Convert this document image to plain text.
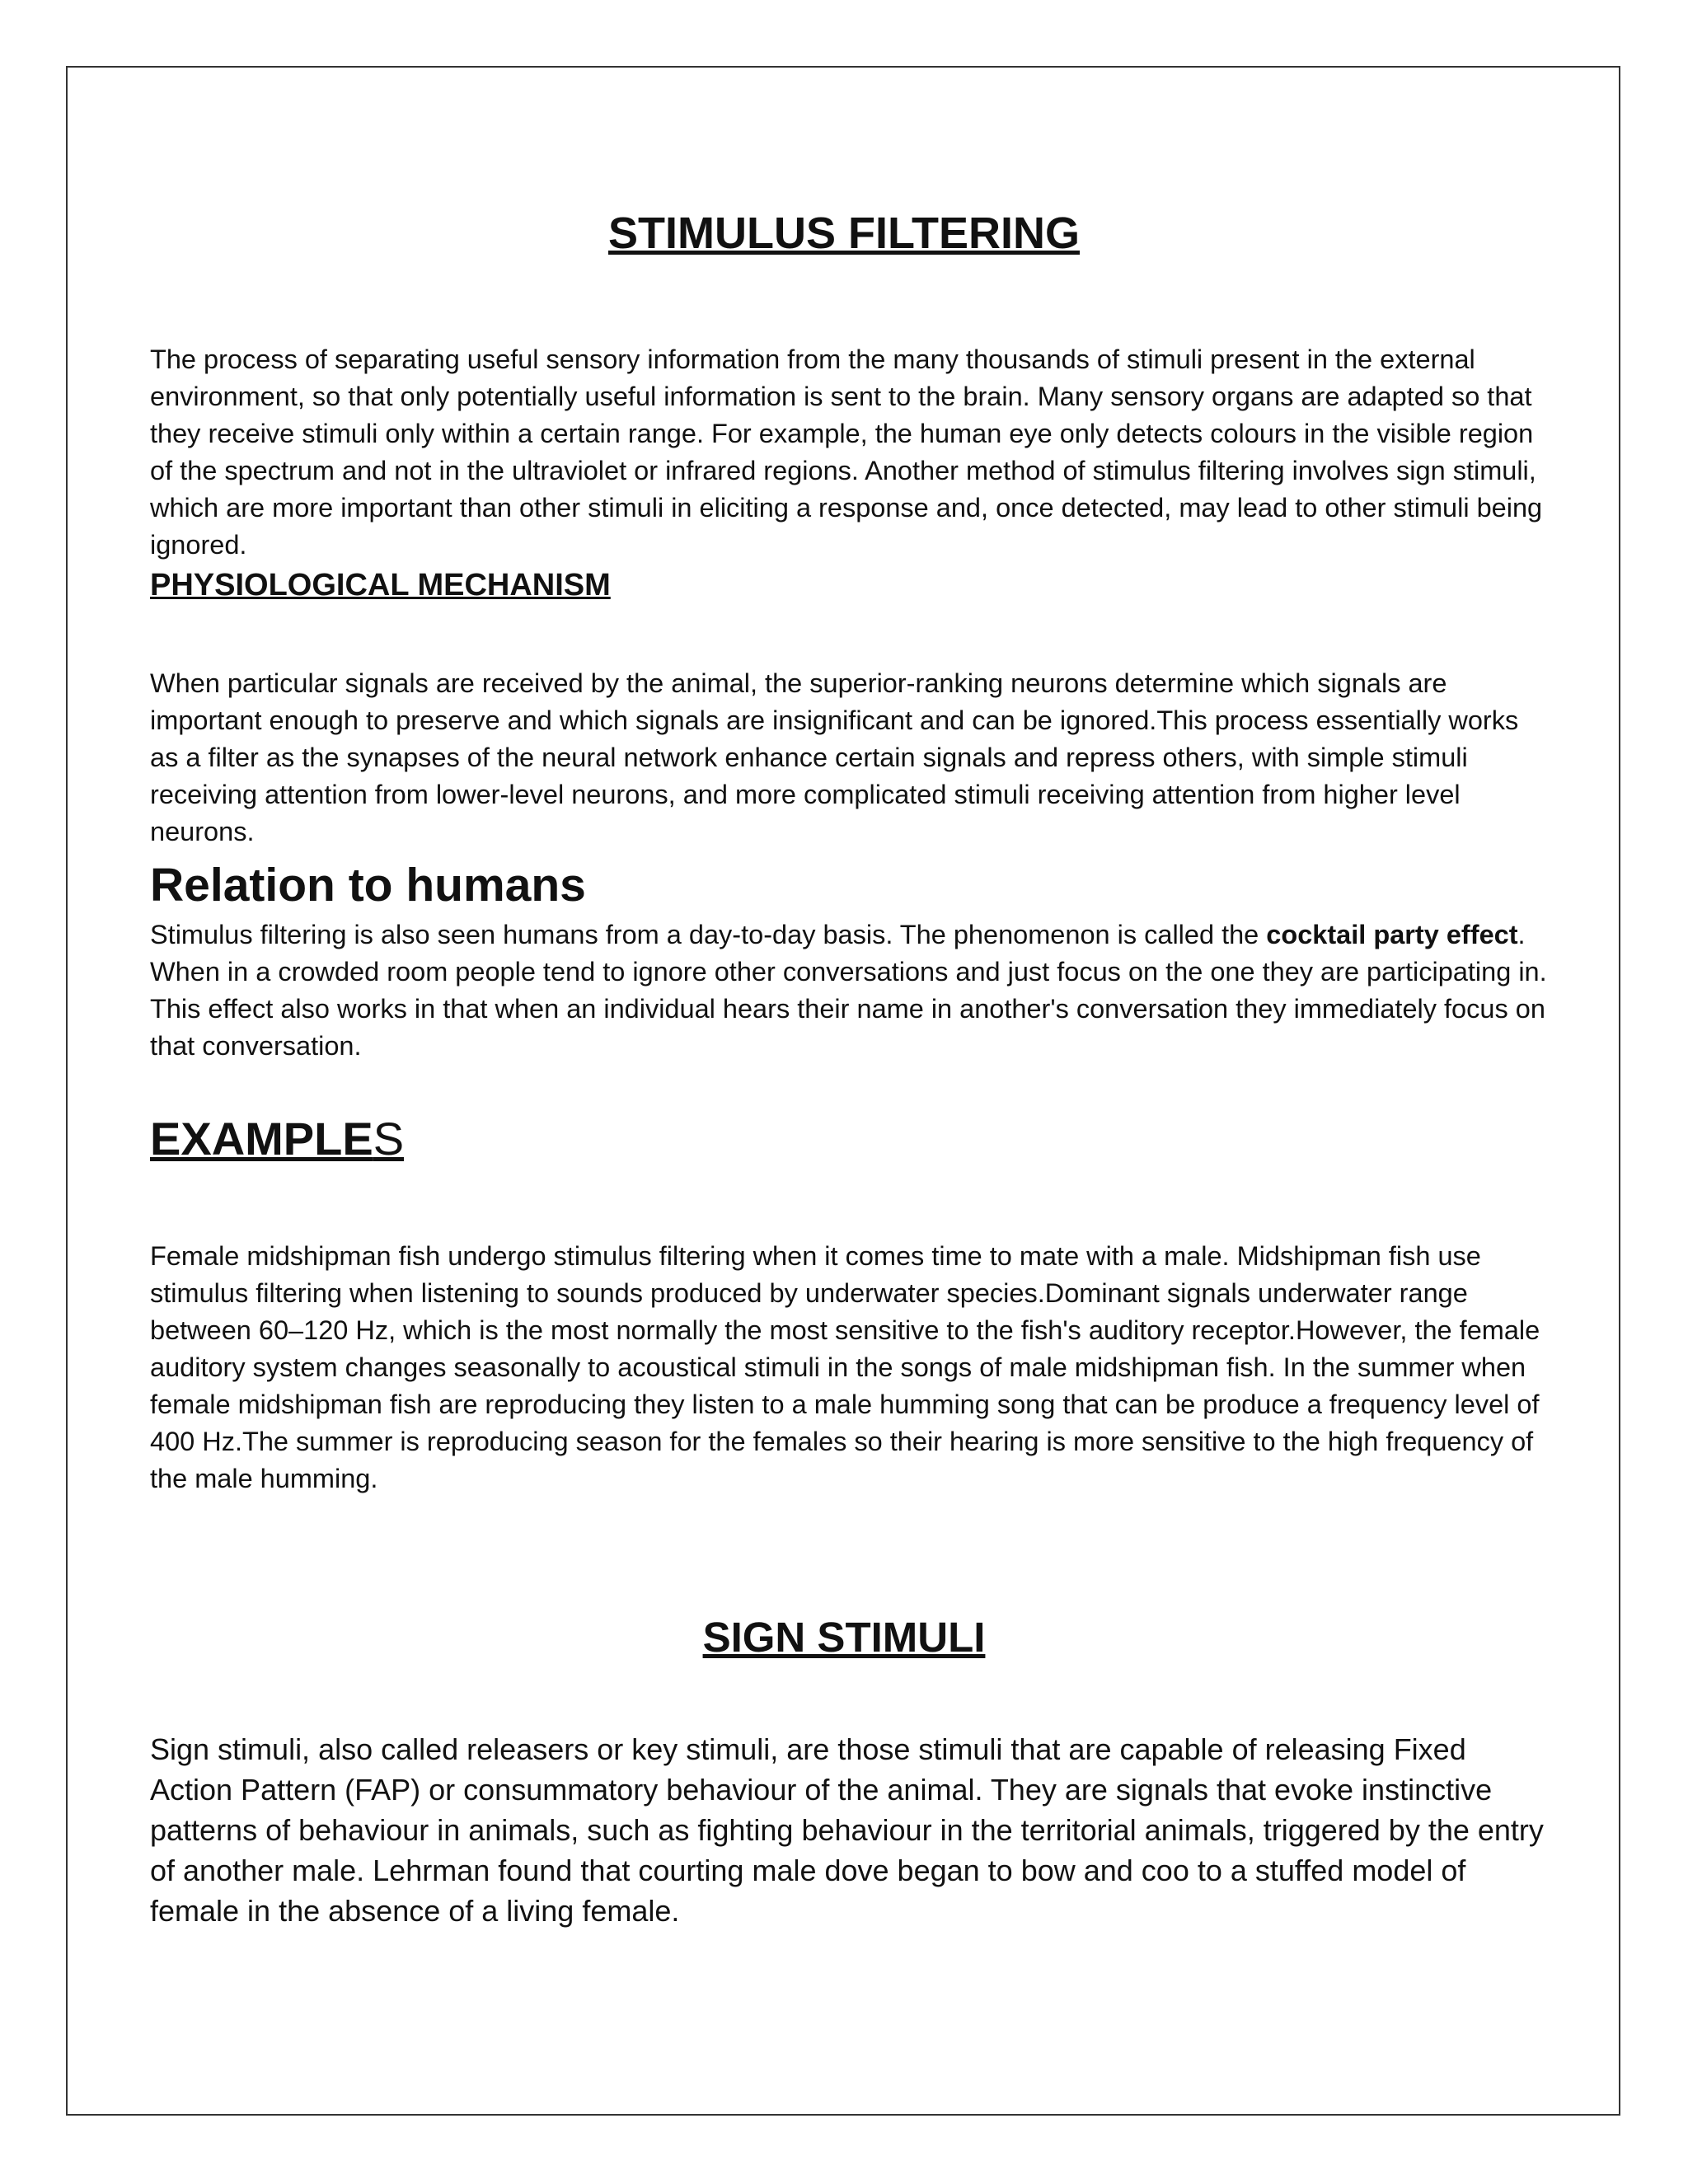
STIMULUS FILTERING

The process of separating useful sensory information from the many thousands of stimuli present in the external environment, so that only potentially useful information is sent to the brain. Many sensory organs are adapted so that they receive stimuli only within a certain range. For example, the human eye only detects colours in the visible region of the spectrum and not in the ultraviolet or infrared regions. Another method of stimulus filtering involves sign stimuli, which are more important than other stimuli in eliciting a response and, once detected, may lead to other stimuli being ignored.

PHYSIOLOGICAL MECHANISM

When particular signals are received by the animal, the superior-ranking neurons determine which signals are important enough to preserve and which signals are insignificant and can be ignored.This process essentially works as a filter as the synapses of the neural network enhance certain signals and repress others, with simple stimuli receiving attention from lower-level neurons, and more complicated stimuli receiving attention from higher level neurons.

Relation to humans

Stimulus filtering is also seen humans from a day-to-day basis. The phenomenon is called the cocktail party effect. When in a crowded room people tend to ignore other conversations and just focus on the one they are participating in. This effect also works in that when an individual hears their name in another's conversation they immediately focus on that conversation.

EXAMPLES

Female midshipman fish undergo stimulus filtering when it comes time to mate with a male. Midshipman fish use stimulus filtering when listening to sounds produced by underwater species.Dominant signals underwater range between 60–120 Hz, which is the most normally the most sensitive to the fish's auditory receptor.However, the female auditory system changes seasonally to acoustical stimuli in the songs of male midshipman fish. In the summer when female midshipman fish are reproducing they listen to a male humming song that can be produce a frequency level of 400 Hz.The summer is reproducing season for the females so their hearing is more sensitive to the high frequency of the male humming.

SIGN STIMULI

Sign stimuli, also called releasers or key stimuli, are those stimuli that are capable of releasing Fixed Action Pattern (FAP) or consummatory behaviour of the animal. They are signals that evoke instinctive patterns of behaviour in animals, such as fighting behaviour in the territorial animals, triggered by the entry of another male. Lehrman found that courting male dove began to bow and coo to a stuffed model of female in the absence of a living female.
